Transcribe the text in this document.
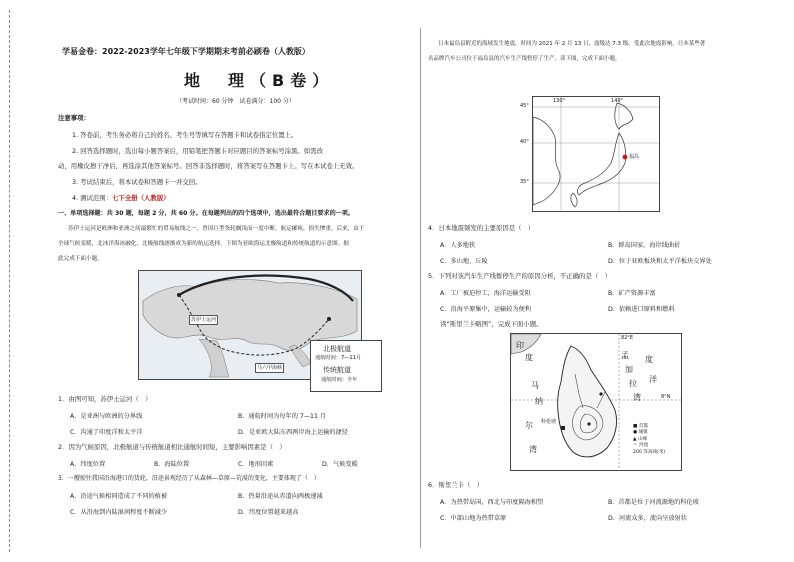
学易金卷：2022-2023学年七年级下学期期末考前必刷卷（人教版）
地　理（B卷）
（考试时间：60 分钟　试卷满分：100 分）
注意事项：
1. 答卷前，考生务必将自己的姓名、考生号等填写在答题卡和试卷指定位置上。
2. 回答选择题时，选出每小题答案后，用铅笔把答题卡对应题目的答案标号涂黑。如需改
动，用橡皮擦干净后，再选涂其他答案标号。回答非选择题时，将答案写在答题卡上。写在本试卷上无效。
3. 考试结束后，将本试卷和答题卡一并交回。
4. 测试范围：七下全册（人教版）
一、单项选择题：共 30 题，每题 2 分，共 60 分。在每题列出的四个选项中，选出最符合题目要求的一项。
苏伊士运河是欧洲和亚洲之间最繁忙的贸易航线之一，曾因巨型货轮搁浅而一度中断，航运瘫痪，损失惨重。后来，由于
全球气候变暖，北冰洋海冰融化，北极航线逐渐成为新的航运选择。下图为亚欧海运北极航道和传统航道的示意图。据
此完成下面小题。
苏伊士运河
马六甲海峡
北极航道
通航时间：7—11月
传统航道
通航时间：全年
1．由图可知，苏伊士运河（　）
A．是亚洲与欧洲的分界线	B．通航时间为每年的 7—11 月
C．沟通了印度洋和太平洋	D．是亚欧大陆东西两岸海上运输的捷径
2．因为气候原因，北极航道与传统航道相比通航时间短，主要影响因素是（　）
A．纬度位置	B．海陆位置	C．地形因素	D．气候变暖
3．一艘驶往我国沿海港口的货轮，沿途景观经历了从森林—草原—荒漠的变化，主要体现了（　）
A．沿途气候相同造成了不同的植被	B．热量沿途从赤道向两极递减
C．从沿海到内陆湿润程度不断减少	D．纬度位置越来越高
日本福岛县附近的海域发生地震，时间为 2021 年 2 月 13 日，震级达 7.3 级。受此次地震影响，日本某些著
名品牌汽车公司位于福岛县的汽车生产线暂停了生产。读下图，完成下面小题。
130°	140°
福岛
45°
40°
35°
4．日本地震频发的主要原因是（　）
A．人多地狭	B．群岛国家，海岸线曲折
C．多山地、丘陵	D．位于亚欧板块和太平洋板块交界处
5．下列对该汽车生产线暂停生产的原因分析，不正确的是（　）
A．工厂被迫停工，海洋运输受阻	B．矿产资源丰富
C．沿海平原集中，运输较为便利	D．依赖进口原料和燃料
读“斯里兰卡略图”，完成下面小题。
82°E
8°N
印
度	度
洋
孟
加
拉
湾
马
纳
尔
湾
科伦坡
■ 首都
● 城镇
▲ 山峰
～ 河流
200 等高线(米)
6．斯里兰卡（　）
A．为热带岛国，西北与印度隔海相望	B．首都是位于河流源地的科伦坡
C．中部山地为热带草原	D．河流众多，流向呈放射状
